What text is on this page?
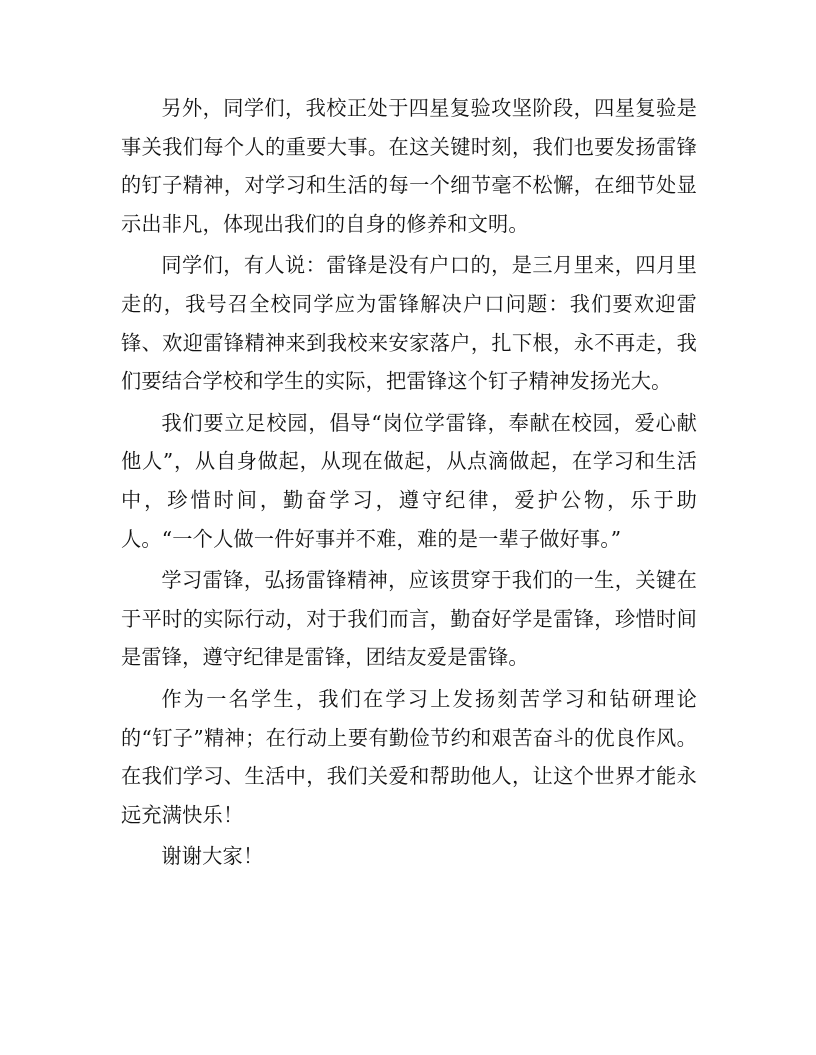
另外，同学们，我校正处于四星复验攻坚阶段，四星复验是事关我们每个人的重要大事。在这关键时刻，我们也要发扬雷锋的钉子精神，对学习和生活的每一个细节毫不松懈，在细节处显示出非凡，体现出我们的自身的修养和文明。

同学们，有人说：雷锋是没有户口的，是三月里来，四月里走的，我号召全校同学应为雷锋解决户口问题：我们要欢迎雷锋、欢迎雷锋精神来到我校来安家落户，扎下根，永不再走，我们要结合学校和学生的实际，把雷锋这个钉子精神发扬光大。

我们要立足校园，倡导“岗位学雷锋，奉献在校园，爱心献他人”，从自身做起，从现在做起，从点滴做起，在学习和生活中，珍惜时间，勤奋学习，遵守纪律，爱护公物，乐于助人。“一个人做一件好事并不难，难的是一辈子做好事。”

学习雷锋，弘扬雷锋精神，应该贯穿于我们的一生，关键在于平时的实际行动，对于我们而言，勤奋好学是雷锋，珍惜时间是雷锋，遵守纪律是雷锋，团结友爱是雷锋。

作为一名学生，我们在学习上发扬刻苦学习和钻研理论的“钉子”精神；在行动上要有勤俭节约和艰苦奋斗的优良作风。在我们学习、生活中，我们关爱和帮助他人，让这个世界才能永远充满快乐！

谢谢大家！
